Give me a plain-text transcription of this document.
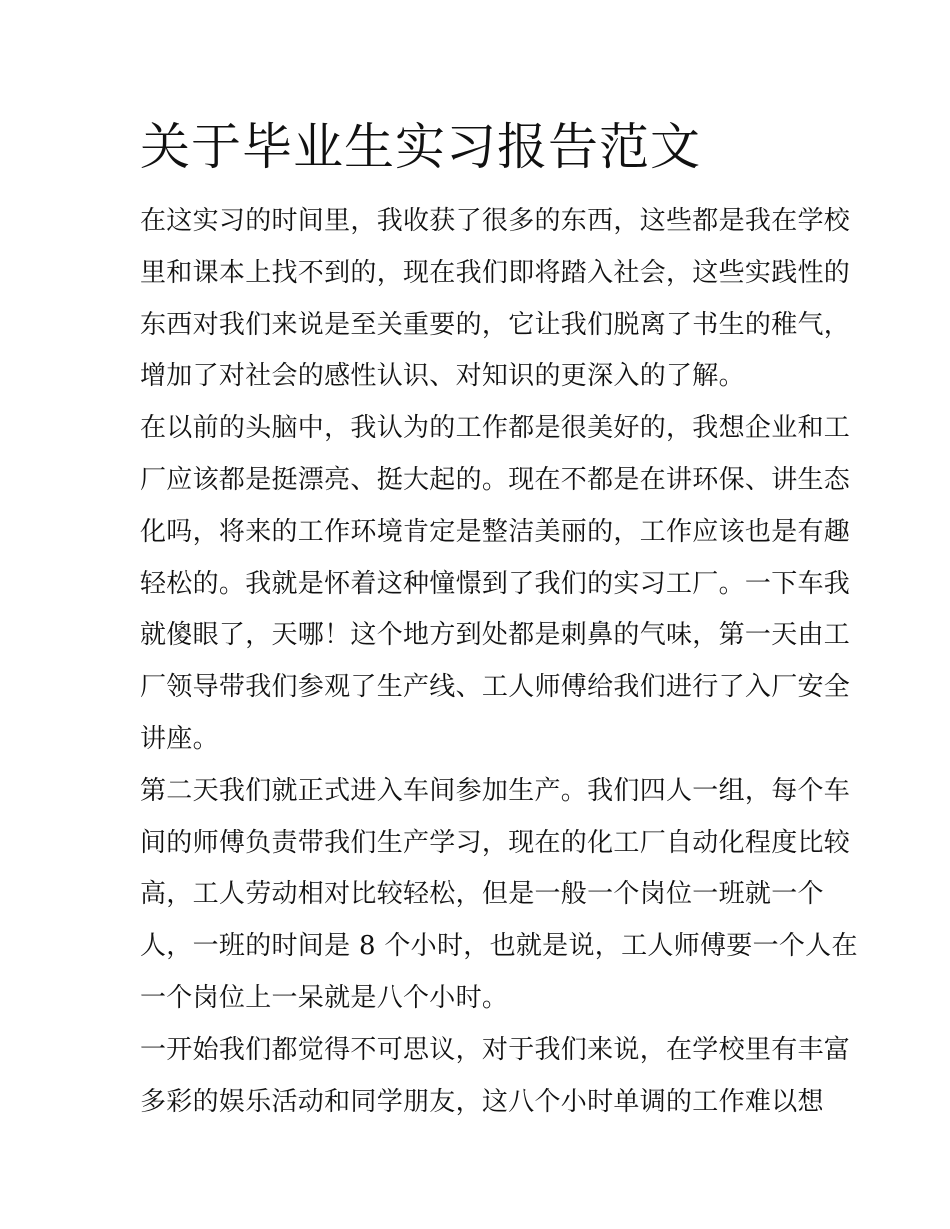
关于毕业生实习报告范文
在这实习的时间里，我收获了很多的东西，这些都是我在学校
里和课本上找不到的，现在我们即将踏入社会，这些实践性的
东西对我们来说是至关重要的，它让我们脱离了书生的稚气，
增加了对社会的感性认识、对知识的更深入的了解。
在以前的头脑中，我认为的工作都是很美好的，我想企业和工
厂应该都是挺漂亮、挺大起的。现在不都是在讲环保、讲生态
化吗，将来的工作环境肯定是整洁美丽的，工作应该也是有趣
轻松的。我就是怀着这种憧憬到了我们的实习工厂。一下车我
就傻眼了，天哪！这个地方到处都是刺鼻的气味，第一天由工
厂领导带我们参观了生产线、工人师傅给我们进行了入厂安全
讲座。
第二天我们就正式进入车间参加生产。我们四人一组，每个车
间的师傅负责带我们生产学习，现在的化工厂自动化程度比较
高，工人劳动相对比较轻松，但是一般一个岗位一班就一个
人，一班的时间是 8 个小时，也就是说，工人师傅要一个人在
一个岗位上一呆就是八个小时。
一开始我们都觉得不可思议，对于我们来说，在学校里有丰富
多彩的娱乐活动和同学朋友，这八个小时单调的工作难以想
